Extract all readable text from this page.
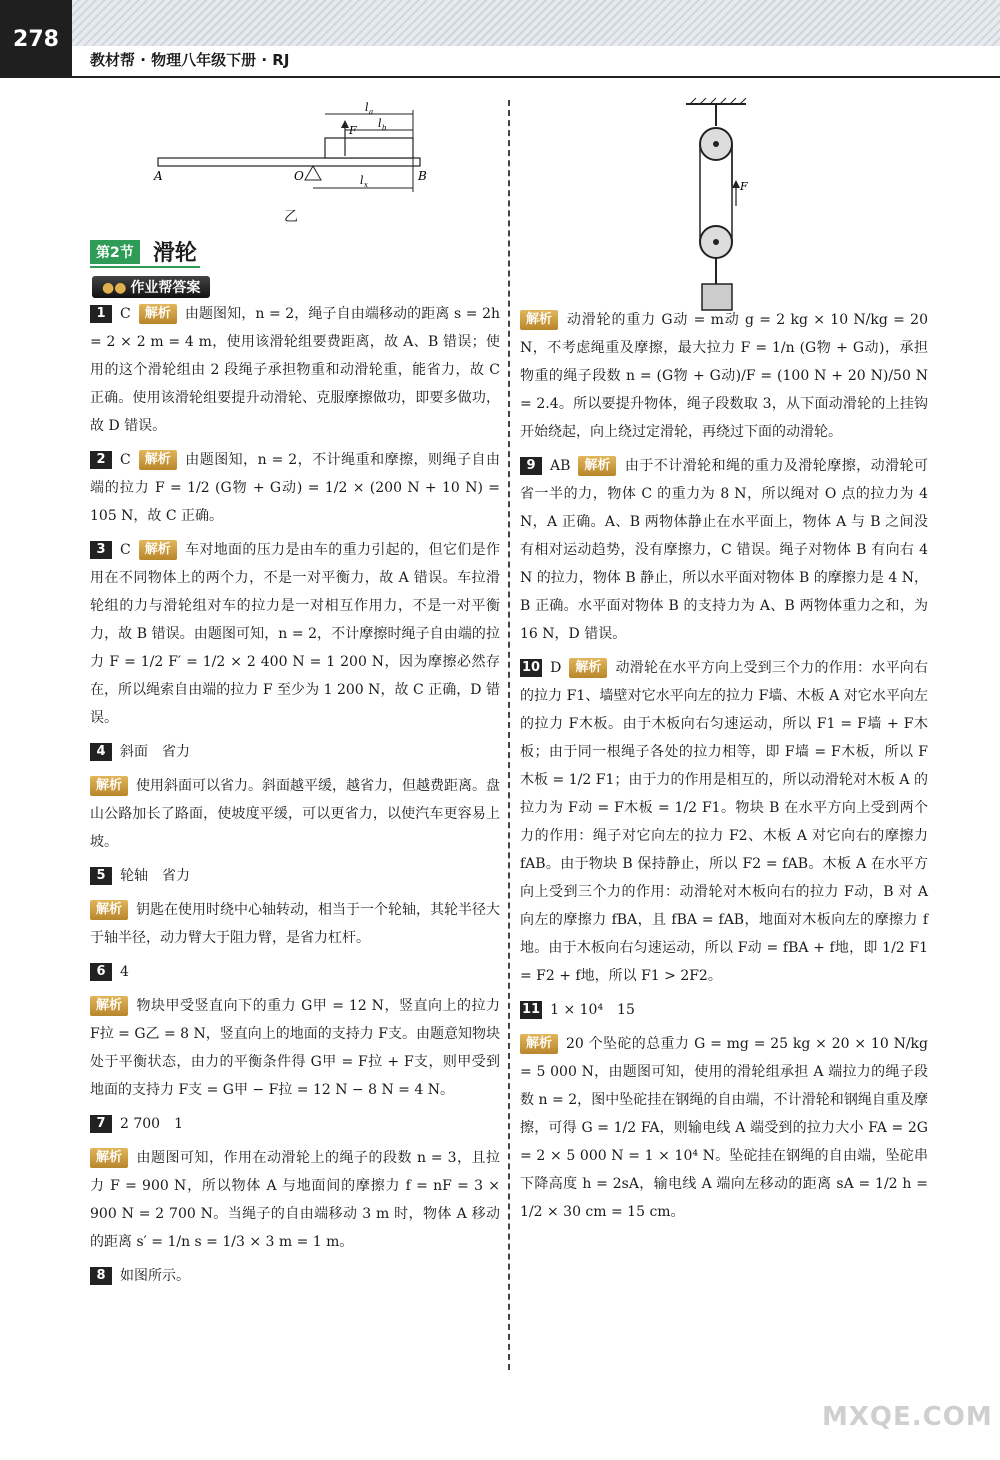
278
教材帮 · 物理八年级下册 · RJ
A	O	B
F
l a
l b
l x
乙
第2节 滑轮
●● 作业帮答案
F

1 C 解析 由题图知，n = 2，绳子自由端移动的距离 s = 2h = 2 × 2 m = 4 m，使用该滑轮组要费距离，故 A、B 错误；使用的这个滑轮组由 2 段绳子承担物重和动滑轮重，能省力，故 C 正确。使用该滑轮组要提升动滑轮、克服摩擦做功，即要多做功，故 D 错误。

2 C 解析 由题图知，n = 2，不计绳重和摩擦，则绳子自由端的拉力 F = 1/2 (G物 + G动) = 1/2 × (200 N + 10 N) = 105 N，故 C 正确。

3 C 解析 车对地面的压力是由车的重力引起的，但它们是作用在不同物体上的两个力，不是一对平衡力，故 A 错误。车拉滑轮组的力与滑轮组对车的拉力是一对相互作用力，不是一对平衡力，故 B 错误。由题图可知，n = 2，不计摩擦时绳子自由端的拉力 F = 1/2 F′ = 1/2 × 2 400 N = 1 200 N，因为摩擦必然存在，所以绳索自由端的拉力 F 至少为 1 200 N，故 C 正确，D 错误。

4 斜面　省力

解析 使用斜面可以省力。斜面越平缓，越省力，但越费距离。盘山公路加长了路面，使坡度平缓，可以更省力，以使汽车更容易上坡。

5 轮轴　省力

解析 钥匙在使用时绕中心轴转动，相当于一个轮轴，其轮半径大于轴半径，动力臂大于阻力臂，是省力杠杆。

6 4

解析 物块甲受竖直向下的重力 G甲 = 12 N，竖直向上的拉力 F拉 = G乙 = 8 N，竖直向上的地面的支持力 F支。由题意知物块处于平衡状态，由力的平衡条件得 G甲 = F拉 + F支，则甲受到地面的支持力 F支 = G甲 − F拉 = 12 N − 8 N = 4 N。

7 2 700　1

解析 由题图可知，作用在动滑轮上的绳子的段数 n = 3，且拉力 F = 900 N，所以物体 A 与地面间的摩擦力 f = nF = 3 × 900 N = 2 700 N。当绳子的自由端移动 3 m 时，物体 A 移动的距离 s′ = 1/n s = 1/3 × 3 m = 1 m。

8 如图所示。

解析 动滑轮的重力 G动 = m动 g = 2 kg × 10 N/kg = 20 N，不考虑绳重及摩擦，最大拉力 F = 1/n (G物 + G动)，承担物重的绳子段数 n = (G物 + G动)/F = (100 N + 20 N)/50 N = 2.4。所以要提升物体，绳子段数取 3，从下面动滑轮的上挂钩开始绕起，向上绕过定滑轮，再绕过下面的动滑轮。

9 AB 解析 由于不计滑轮和绳的重力及滑轮摩擦，动滑轮可省一半的力，物体 C 的重力为 8 N，所以绳对 O 点的拉力为 4 N，A 正确。A、B 两物体静止在水平面上，物体 A 与 B 之间没有相对运动趋势，没有摩擦力，C 错误。绳子对物体 B 有向右 4 N 的拉力，物体 B 静止，所以水平面对物体 B 的摩擦力是 4 N，B 正确。水平面对物体 B 的支持力为 A、B 两物体重力之和，为 16 N，D 错误。

10 D 解析 动滑轮在水平方向上受到三个力的作用：水平向右的拉力 F1、墙壁对它水平向左的拉力 F墙、木板 A 对它水平向左的拉力 F木板。由于木板向右匀速运动，所以 F1 = F墙 + F木板；由于同一根绳子各处的拉力相等，即 F墙 = F木板，所以 F木板 = 1/2 F1；由于力的作用是相互的，所以动滑轮对木板 A 的拉力为 F动 = F木板 = 1/2 F1。物块 B 在水平方向上受到两个力的作用：绳子对它向左的拉力 F2、木板 A 对它向右的摩擦力 fAB。由于物块 B 保持静止，所以 F2 = fAB。木板 A 在水平方向上受到三个力的作用：动滑轮对木板向右的拉力 F动，B 对 A 向左的摩擦力 fBA，且 fBA = fAB，地面对木板向左的摩擦力 f地。由于木板向右匀速运动，所以 F动 = fBA + f地，即 1/2 F1 = F2 + f地，所以 F1 > 2F2。

11 1 × 10⁴　15

解析 20 个坠砣的总重力 G = mg = 25 kg × 20 × 10 N/kg = 5 000 N，由题图可知，使用的滑轮组承担 A 端拉力的绳子段数 n = 2，图中坠砣挂在钢绳的自由端，不计滑轮和钢绳自重及摩擦，可得 G = 1/2 FA，则输电线 A 端受到的拉力大小 FA = 2G = 2 × 5 000 N = 1 × 10⁴ N。坠砣挂在钢绳的自由端，坠砣串下降高度 h = 2sA，输电线 A 端向左移动的距离 sA = 1/2 h = 1/2 × 30 cm = 15 cm。

MXQE.COM
